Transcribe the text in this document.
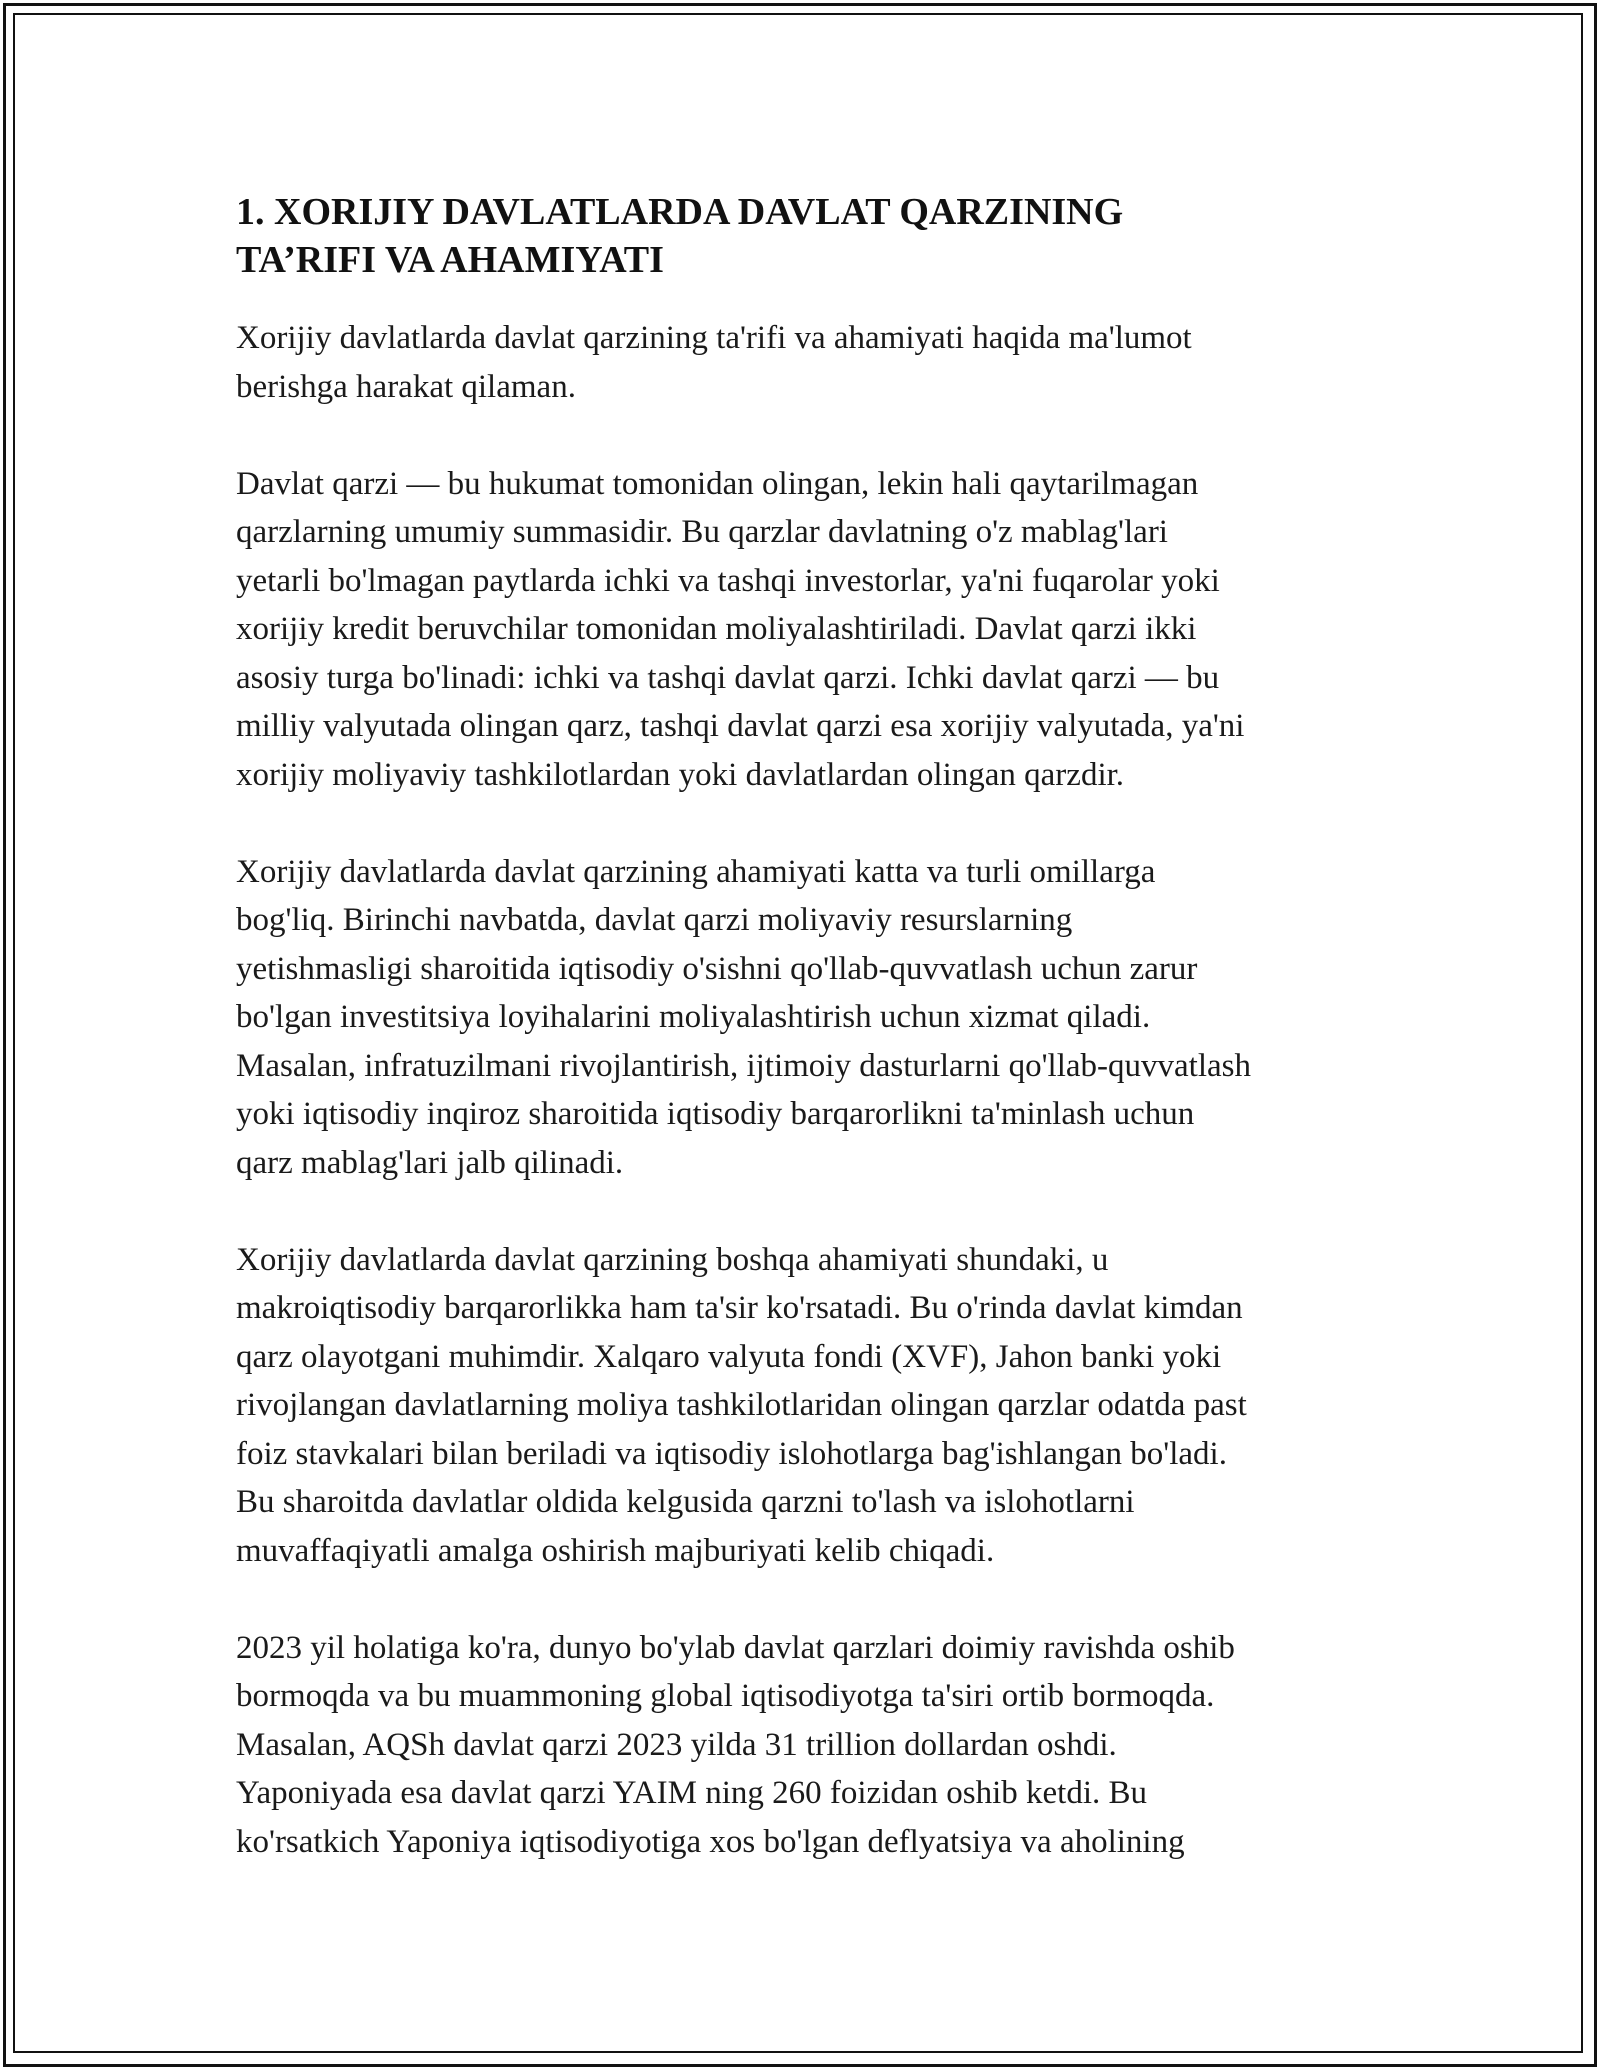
1. XORIJIY DAVLATLARDA DAVLAT QARZINING
TA’RIFI VA AHAMIYATI

Xorijiy davlatlarda davlat qarzining ta'rifi va ahamiyati haqida ma'lumot
berishga harakat qilaman.

Davlat qarzi — bu hukumat tomonidan olingan, lekin hali qaytarilmagan
qarzlarning umumiy summasidir. Bu qarzlar davlatning o'z mablag'lari
yetarli bo'lmagan paytlarda ichki va tashqi investorlar, ya'ni fuqarolar yoki
xorijiy kredit beruvchilar tomonidan moliyalashtiriladi. Davlat qarzi ikki
asosiy turga bo'linadi: ichki va tashqi davlat qarzi. Ichki davlat qarzi — bu
milliy valyutada olingan qarz, tashqi davlat qarzi esa xorijiy valyutada, ya'ni
xorijiy moliyaviy tashkilotlardan yoki davlatlardan olingan qarzdir.

Xorijiy davlatlarda davlat qarzining ahamiyati katta va turli omillarga
bog'liq. Birinchi navbatda, davlat qarzi moliyaviy resurslarning
yetishmasligi sharoitida iqtisodiy o'sishni qo'llab-quvvatlash uchun zarur
bo'lgan investitsiya loyihalarini moliyalashtirish uchun xizmat qiladi.
Masalan, infratuzilmani rivojlantirish, ijtimoiy dasturlarni qo'llab-quvvatlash
yoki iqtisodiy inqiroz sharoitida iqtisodiy barqarorlikni ta'minlash uchun
qarz mablag'lari jalb qilinadi.

Xorijiy davlatlarda davlat qarzining boshqa ahamiyati shundaki, u
makroiqtisodiy barqarorlikka ham ta'sir ko'rsatadi. Bu o'rinda davlat kimdan
qarz olayotgani muhimdir. Xalqaro valyuta fondi (XVF), Jahon banki yoki
rivojlangan davlatlarning moliya tashkilotlaridan olingan qarzlar odatda past
foiz stavkalari bilan beriladi va iqtisodiy islohotlarga bag'ishlangan bo'ladi.
Bu sharoitda davlatlar oldida kelgusida qarzni to'lash va islohotlarni
muvaffaqiyatli amalga oshirish majburiyati kelib chiqadi.

2023 yil holatiga ko'ra, dunyo bo'ylab davlat qarzlari doimiy ravishda oshib
bormoqda va bu muammoning global iqtisodiyotga ta'siri ortib bormoqda.
Masalan, AQSh davlat qarzi 2023 yilda 31 trillion dollardan oshdi.
Yaponiyada esa davlat qarzi YAIM ning 260 foizidan oshib ketdi. Bu
ko'rsatkich Yaponiya iqtisodiyotiga xos bo'lgan deflyatsiya va aholining
